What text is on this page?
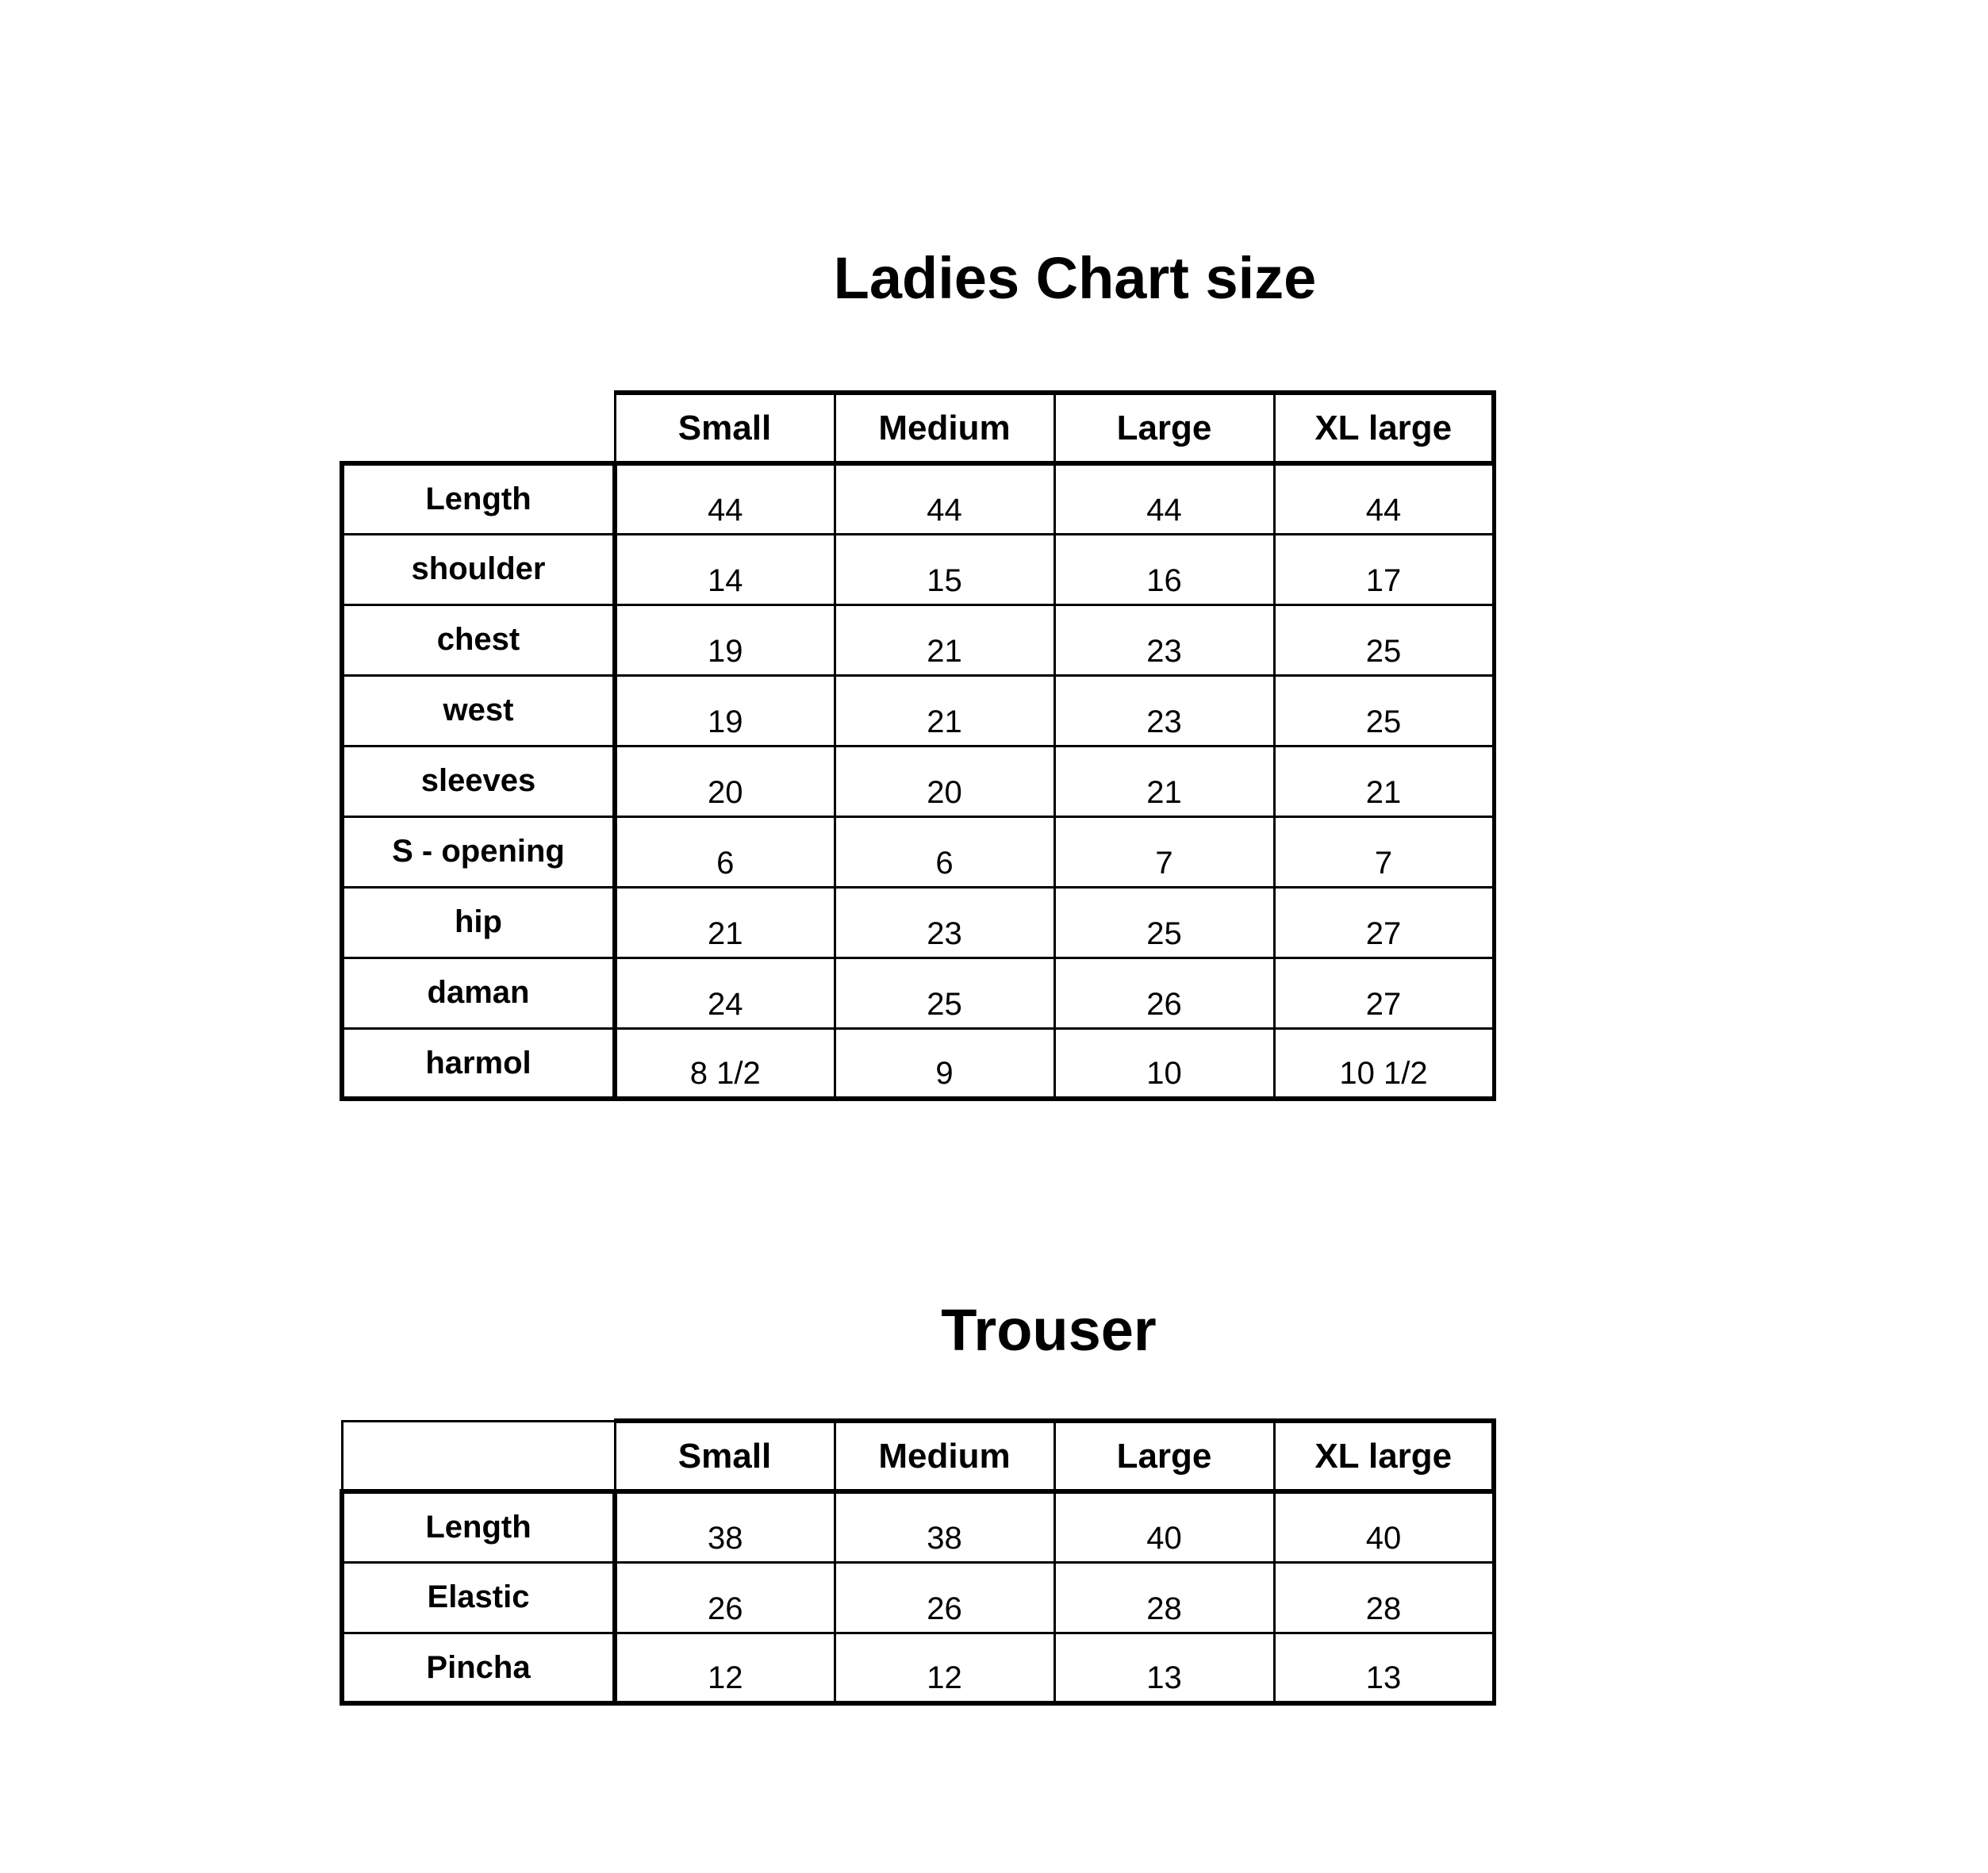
Ladies Chart size
	Small	Medium	Large	XL large
Length	44	44	44	44
shoulder	14	15	16	17
chest	19	21	23	25
west	19	21	23	25
sleeves	20	20	21	21
S - opening	6	6	7	7
hip	21	23	25	27
daman	24	25	26	27
harmol	8 1/2	9	10	10 1/2
Trouser
	Small	Medium	Large	XL large
Length	38	38	40	40
Elastic	26	26	28	28
Pincha	12	12	13	13
